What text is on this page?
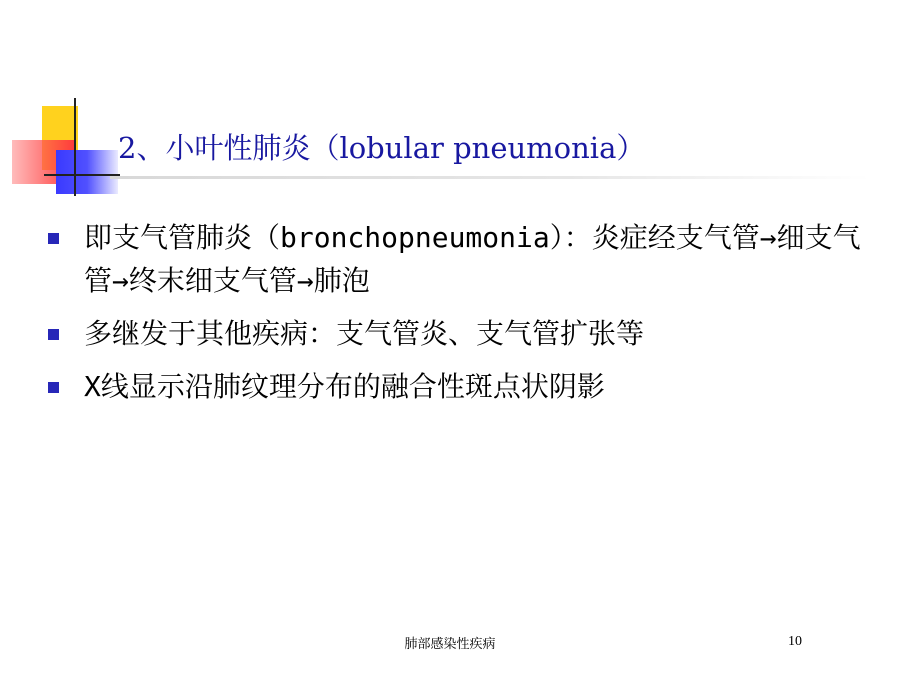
2、小叶性肺炎（lobular pneumonia）
即支气管肺炎（bronchopneumonia）：炎症经支气管→细支气管→终末细支气管→肺泡
多继发于其他疾病：支气管炎、支气管扩张等
X线显示沿肺纹理分布的融合性斑点状阴影
肺部感染性疾病	10
